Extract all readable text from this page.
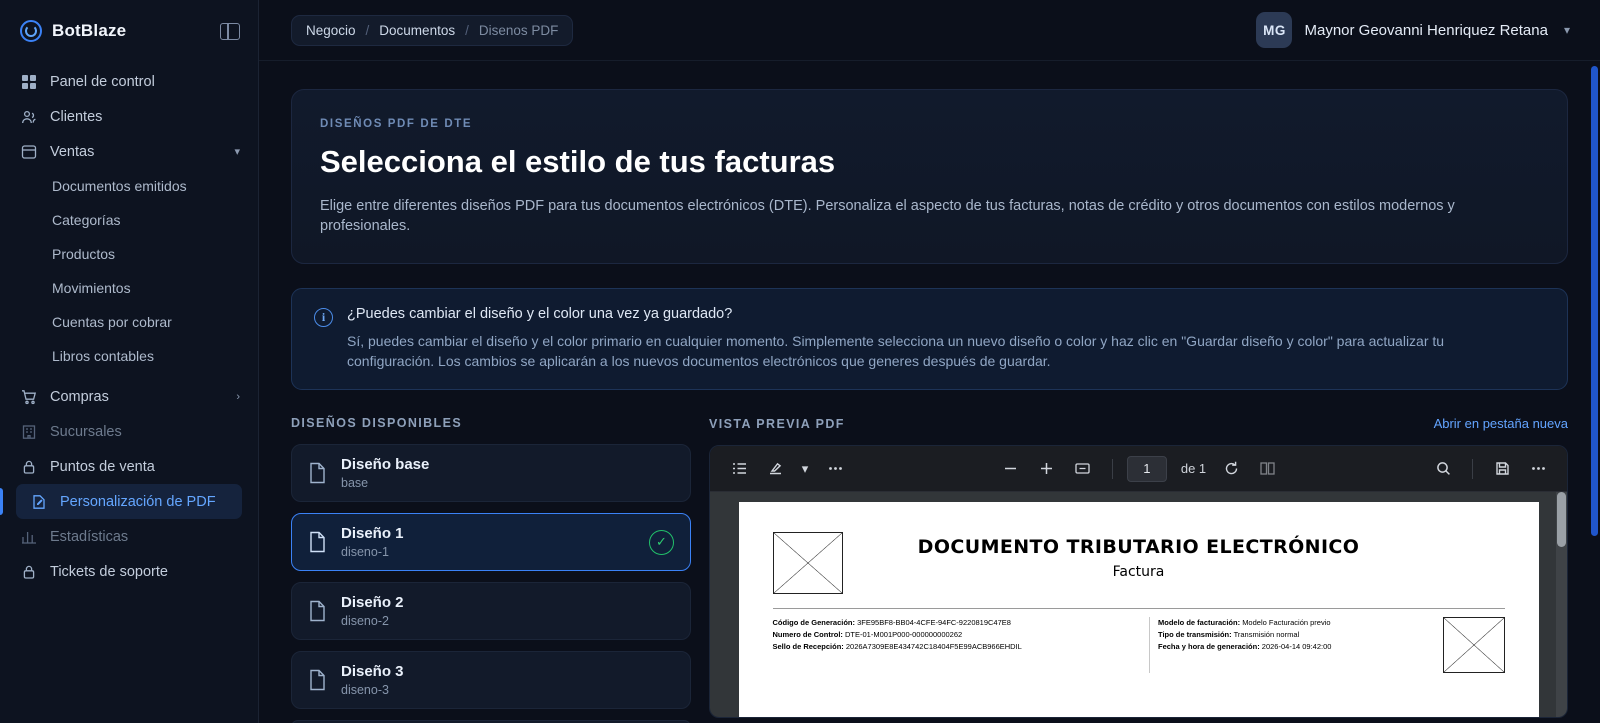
BotBlaze
Panel de control
Clientes
Ventas	▾
Documentos emitidos
Categorías
Productos
Movimientos
Cuentas por cobrar
Libros contables
Compras	›
Sucursales
Puntos de venta
Personalización de PDF
Estadísticas
Tickets de soporte
Negocio / Documentos / Disenos PDF	MG	Maynor Geovanni Henriquez Retana ▾
DISEÑOS PDF DE DTE
Selecciona el estilo de tus facturas

Elige entre diferentes diseños PDF para tus documentos electrónicos (DTE). Personaliza el aspecto de tus facturas, notas de crédito y otros documentos con estilos modernos y profesionales.

i	¿Puedes cambiar el diseño y el color una vez ya guardado?

Sí, puedes cambiar el diseño y el color primario en cualquier momento. Simplemente selecciona un nuevo diseño o color y haz clic en "Guardar diseño y color" para actualizar tu configuración. Los cambios se aplicarán a los nuevos documentos electrónicos que generes después de guardar.

DISEÑOS DISPONIBLES
Diseño base
base
Diseño 1
diseno-1
✓
Diseño 2
diseno-2
Diseño 3
diseno-3
VISTA PREVIA PDF	Abrir en pestaña nueva
▾	1	de 1
DOCUMENTO TRIBUTARIO ELECTRÓNICO
Factura
Código de Generación: 3FE95BF8-BB04-4CFE-94FC-9220819C47E8
Numero de Control: DTE-01-M001P000-000000000262
Sello de Recepción: 2026A7309E8E434742C18404F5E99ACB966EHDIL
Modelo de facturación: Modelo Facturación previo
Tipo de transmisión: Transmisión normal
Fecha y hora de generación: 2026-04-14 09:42:00
